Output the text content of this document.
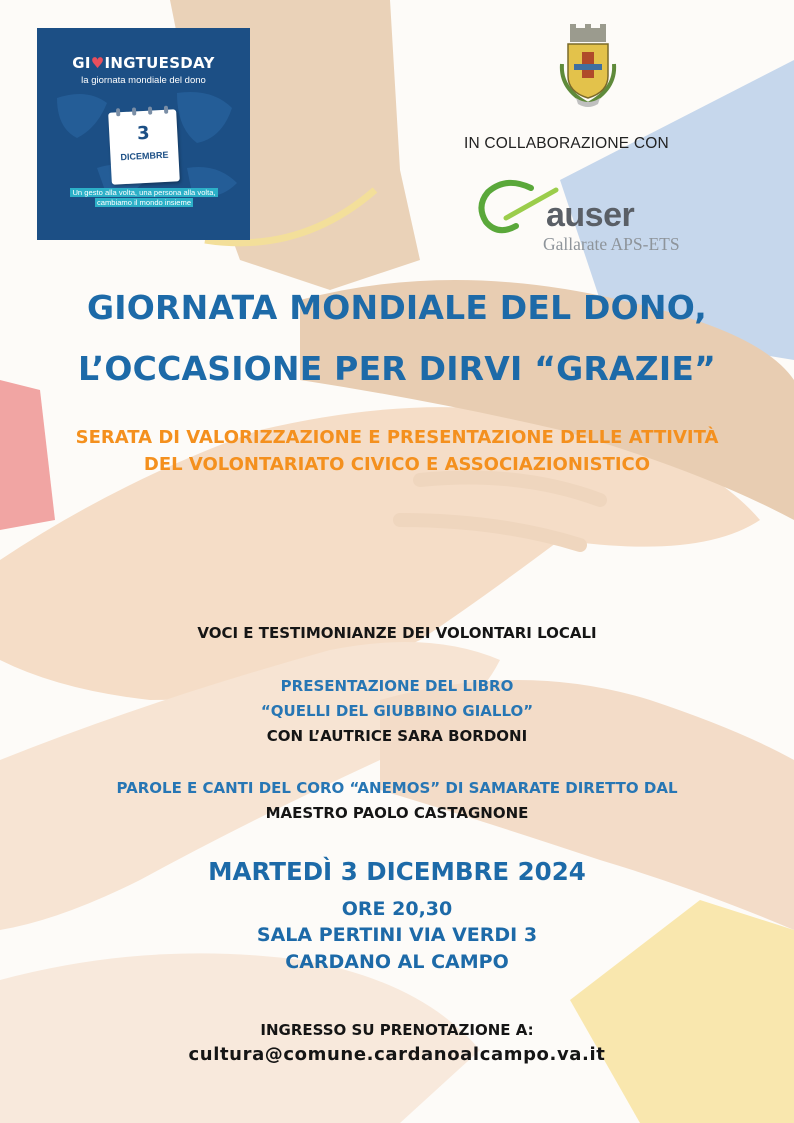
GI♥INGTUESDAY
la giornata mondiale del dono
3
DICEMBRE
Un gesto alla volta, una persona alla volta,
cambiamo il mondo insieme
IN COLLABORAZIONE CON
auser
Gallarate APS-ETS
GIORNATA MONDIALE DEL DONO,
L’OCCASIONE PER DIRVI “GRAZIE”
SERATA DI VALORIZZAZIONE E PRESENTAZIONE DELLE ATTIVITÀ
DEL VOLONTARIATO CIVICO E ASSOCIAZIONISTICO
VOCI E TESTIMONIANZE DEI VOLONTARI LOCALI
PRESENTAZIONE DEL LIBRO
“QUELLI DEL GIUBBINO GIALLO”
CON L’AUTRICE SARA BORDONI
PAROLE E CANTI DEL CORO “ANEMOS” DI SAMARATE DIRETTO DAL
MAESTRO PAOLO CASTAGNONE
MARTEDÌ 3 DICEMBRE 2024
ORE 20,30
SALA PERTINI VIA VERDI 3
CARDANO AL CAMPO
INGRESSO SU PRENOTAZIONE A:
cultura@comune.cardanoalcampo.va.it
